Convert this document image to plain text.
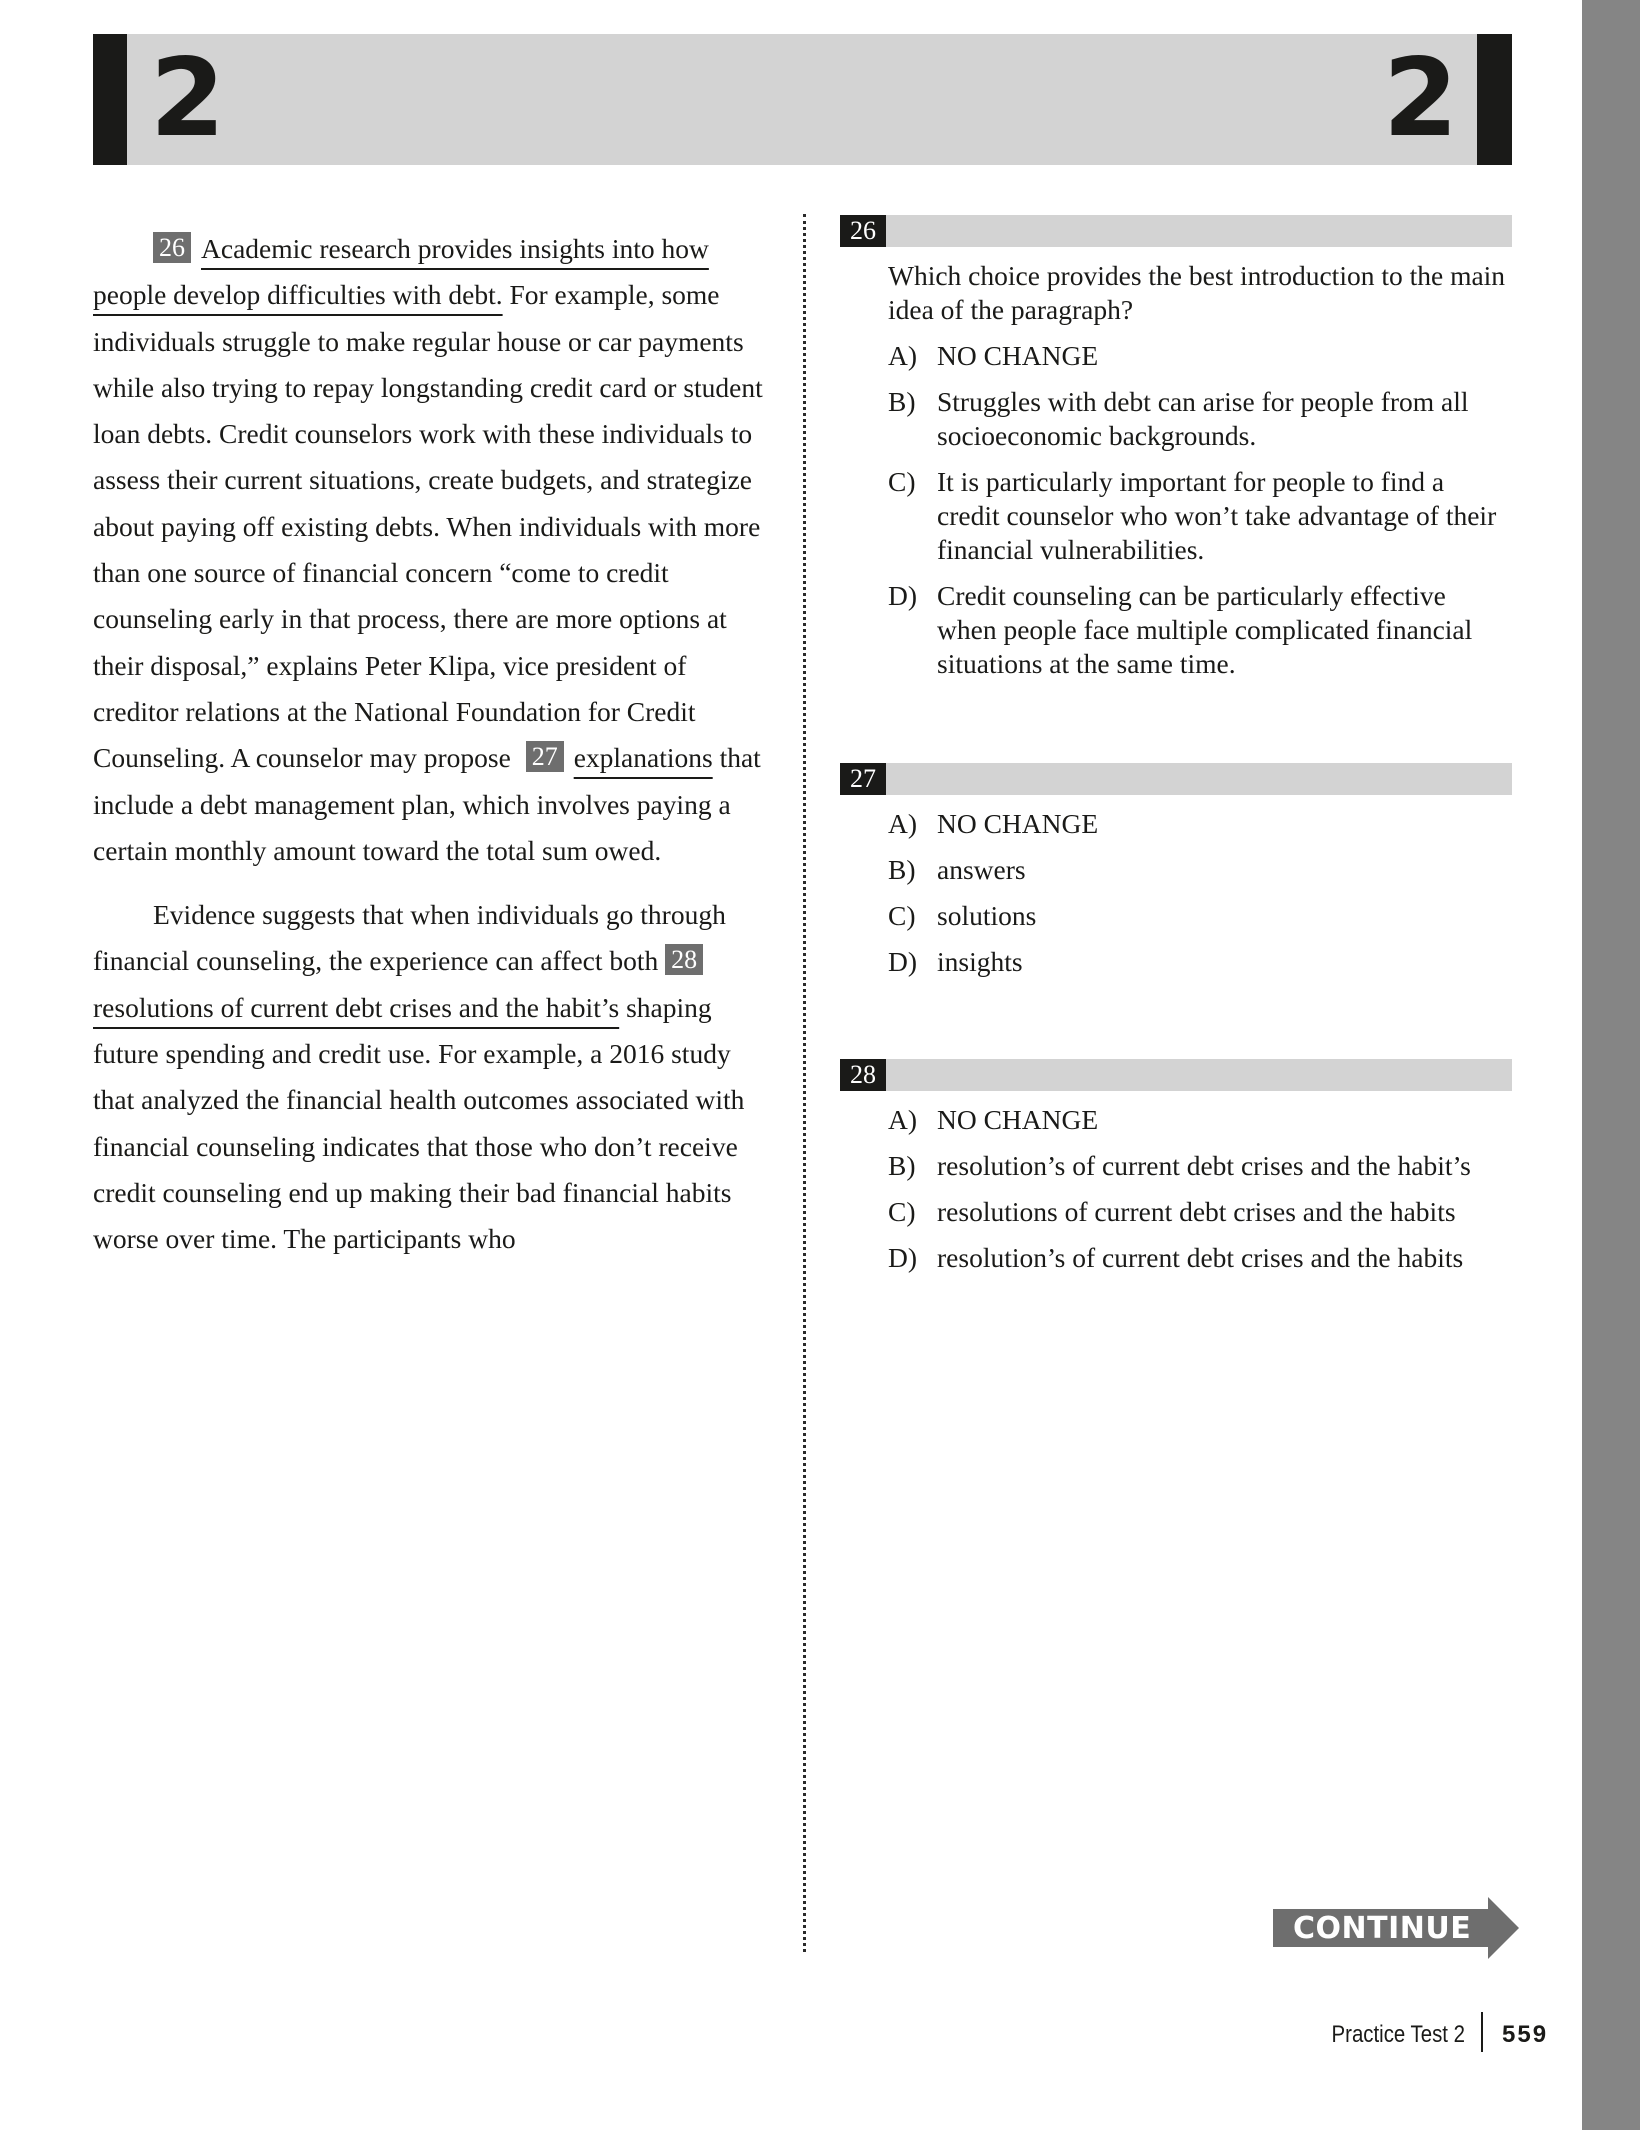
2	2

26 Academic research provides insights into how people develop difficulties with debt. For example, some individuals struggle to make regular house or car payments while also trying to repay longstanding credit card or student loan debts. Credit counselors work with these individuals to assess their current situations, create budgets, and strategize about paying off existing debts. When individuals with more than one source of financial concern “come to credit counseling early in that process, there are more options at their disposal,” explains Peter Klipa, vice president of creditor relations at the National Foundation for Credit Counseling. A counselor may propose 27 explanations that include a debt management plan, which involves paying a certain monthly amount toward the total sum owed.

Evidence suggests that when individuals go through financial counseling, the experience can affect both 28resolutions of current debt crises and the habit’s shaping future spending and credit use. For example, a 2016 study that analyzed the financial health outcomes associated with financial counseling indicates that those who don’t receive credit counseling end up making their bad financial habits worse over time. The participants who

26
Which choice provides the best introduction to the main idea of the paragraph?
A) NO CHANGE
B) Struggles with debt can arise for people from all socioeconomic backgrounds.
C) It is particularly important for people to find a credit counselor who won’t take advantage of their financial vulnerabilities.
D) Credit counseling can be particularly effective when people face multiple complicated financial situations at the same time.
27
A) NO CHANGE
B) answers
C) solutions
D) insights
28
A) NO CHANGE
B) resolution’s of current debt crises and the habit’s
C) resolutions of current debt crises and the habits
D) resolution’s of current debt crises and the habits
CONTINUE
Practice Test 2 559
